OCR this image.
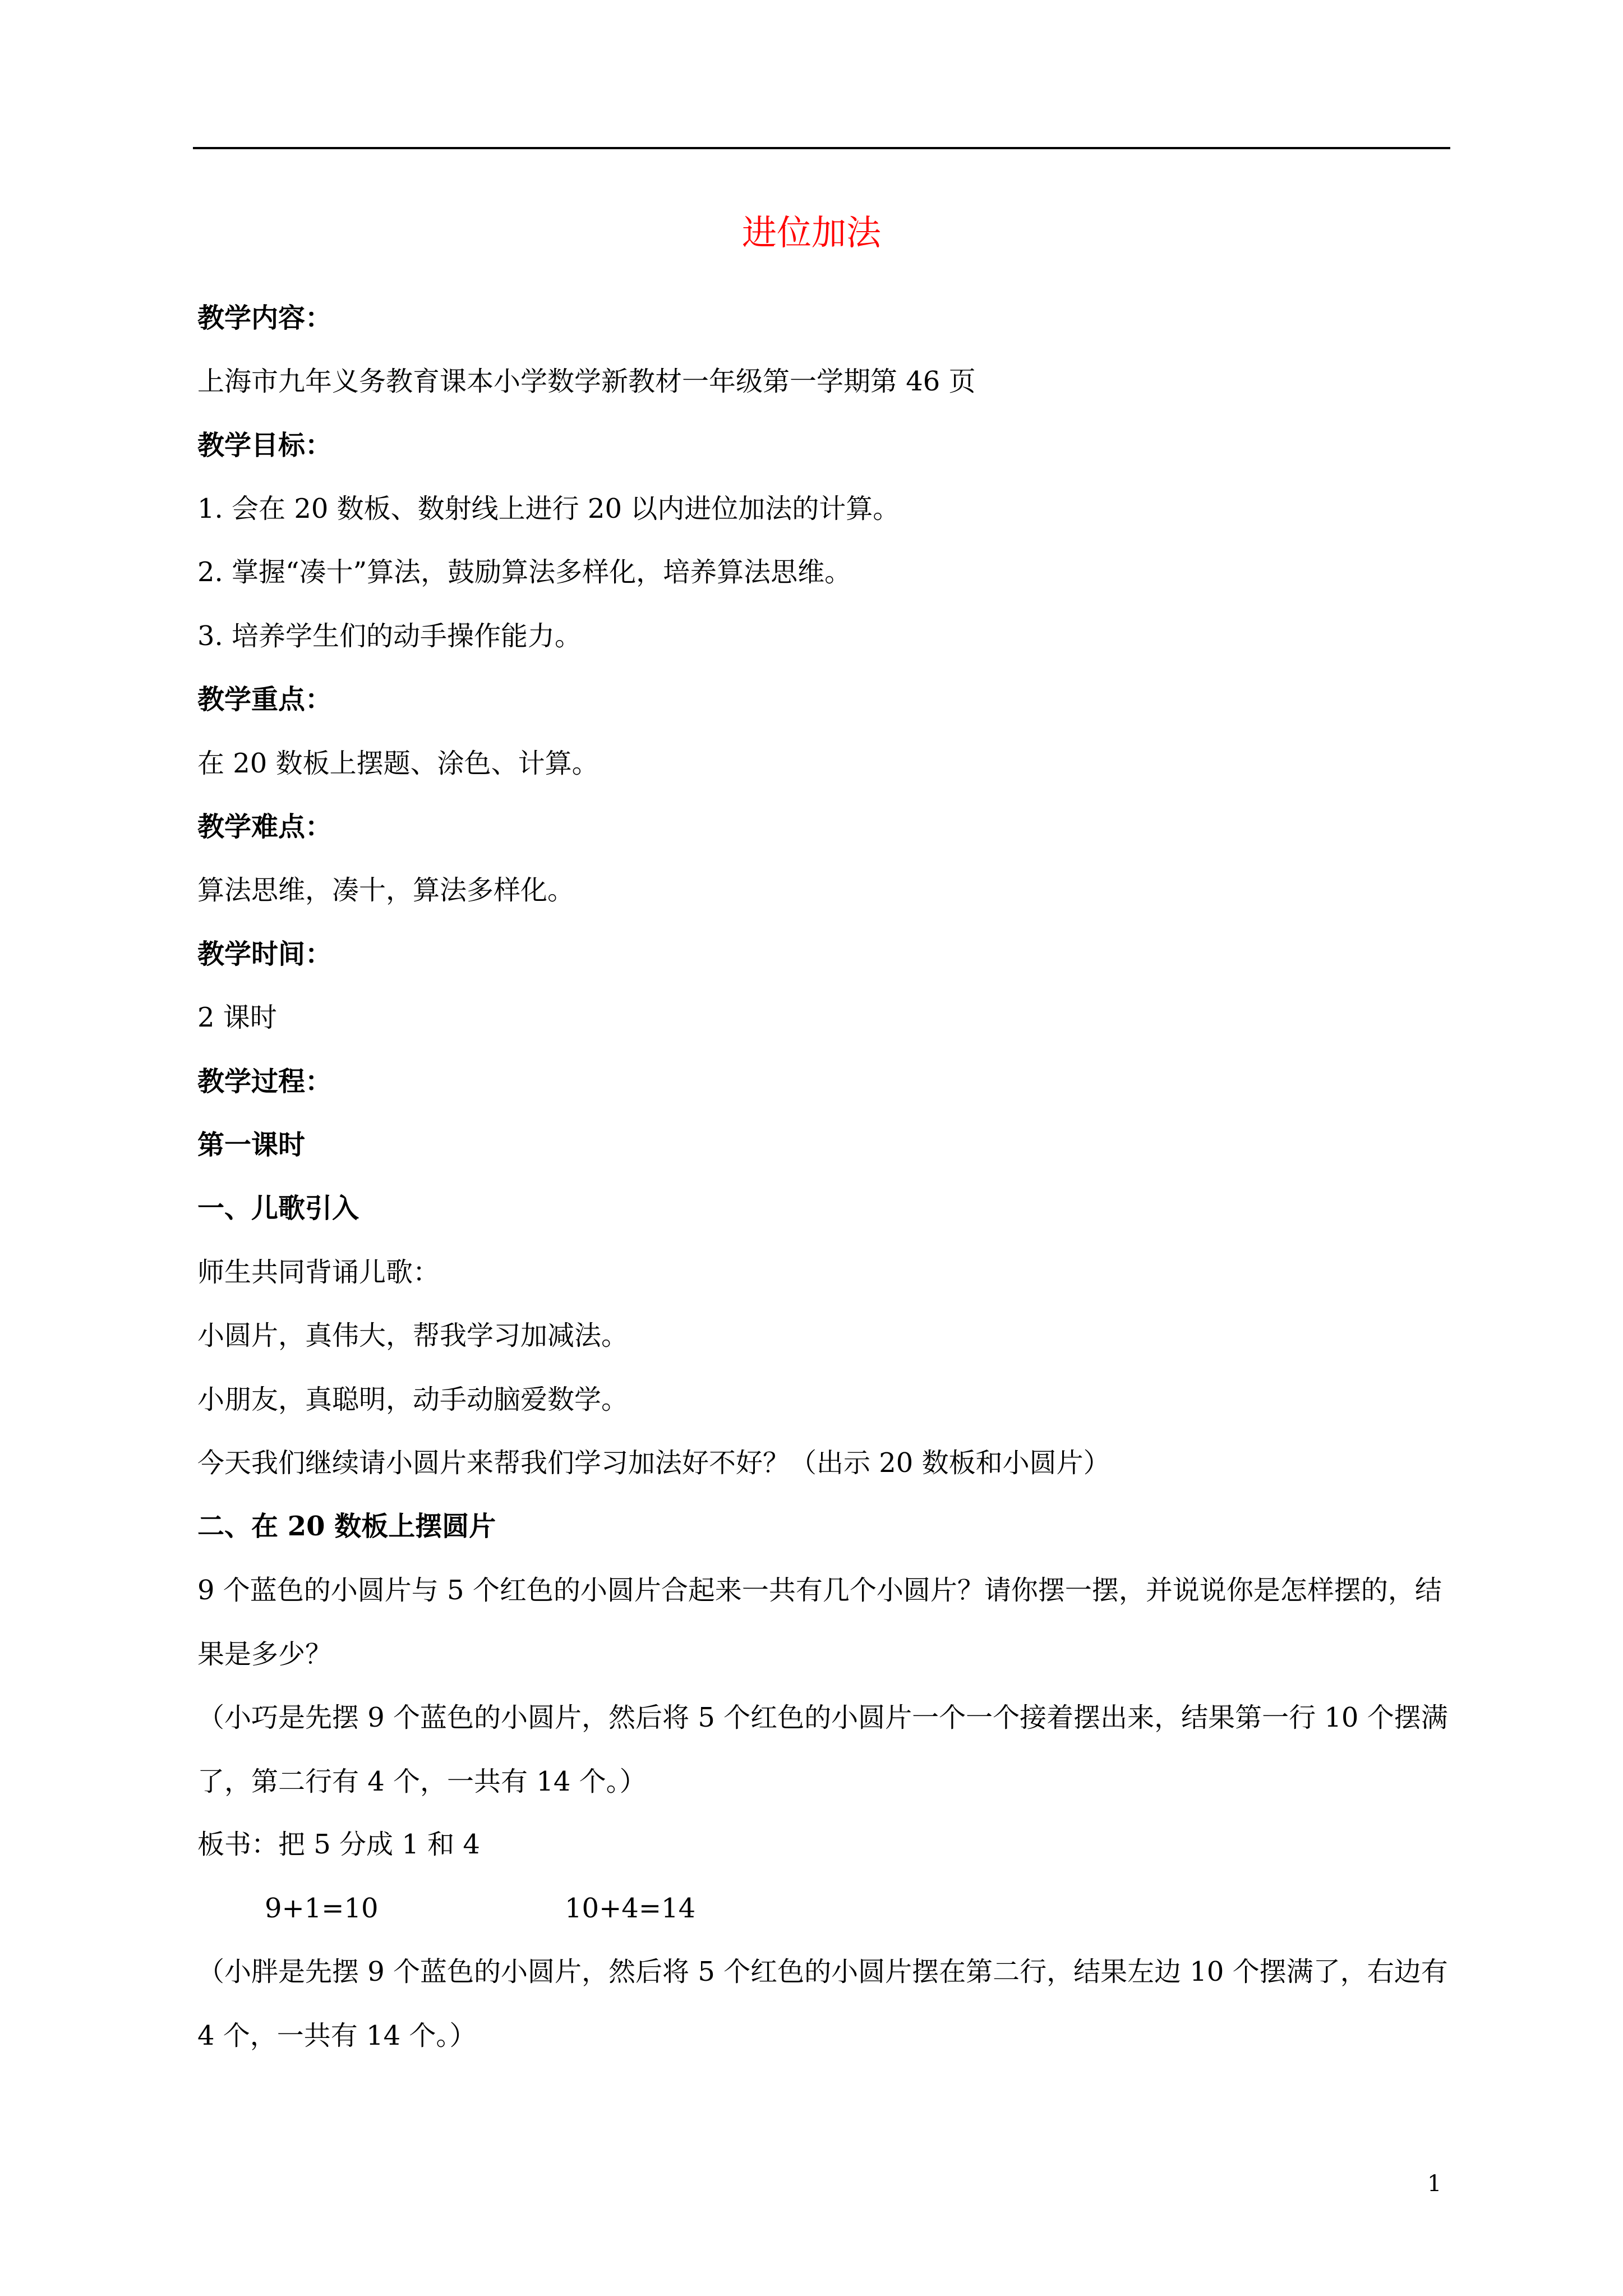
进位加法

教学内容：

上海市九年义务教育课本小学数学新教材一年级第一学期第 46 页

教学目标：

1. 会在 20 数板、数射线上进行 20 以内进位加法的计算。

2. 掌握“凑十”算法，鼓励算法多样化，培养算法思维。

3. 培养学生们的动手操作能力。

教学重点：

在 20 数板上摆题、涂色、计算。

教学难点：

算法思维，凑十，算法多样化。

教学时间：

2 课时

教学过程：

第一课时

一、儿歌引入

师生共同背诵儿歌：

小圆片，真伟大，帮我学习加减法。

小朋友，真聪明，动手动脑爱数学。

今天我们继续请小圆片来帮我们学习加法好不好？（出示 20 数板和小圆片）

二、在 20 数板上摆圆片

9 个蓝色的小圆片与 5 个红色的小圆片合起来一共有几个小圆片？请你摆一摆，并说说你是怎样摆的，结果是多少？

（小巧是先摆 9 个蓝色的小圆片，然后将 5 个红色的小圆片一个一个接着摆出来，结果第一行 10 个摆满了，第二行有 4 个，一共有 14 个。）

板书：把 5 分成 1 和 4

9+1=10	10+4=14

（小胖是先摆 9 个蓝色的小圆片，然后将 5 个红色的小圆片摆在第二行，结果左边 10 个摆满了，右边有 4 个，一共有 14 个。）

1
